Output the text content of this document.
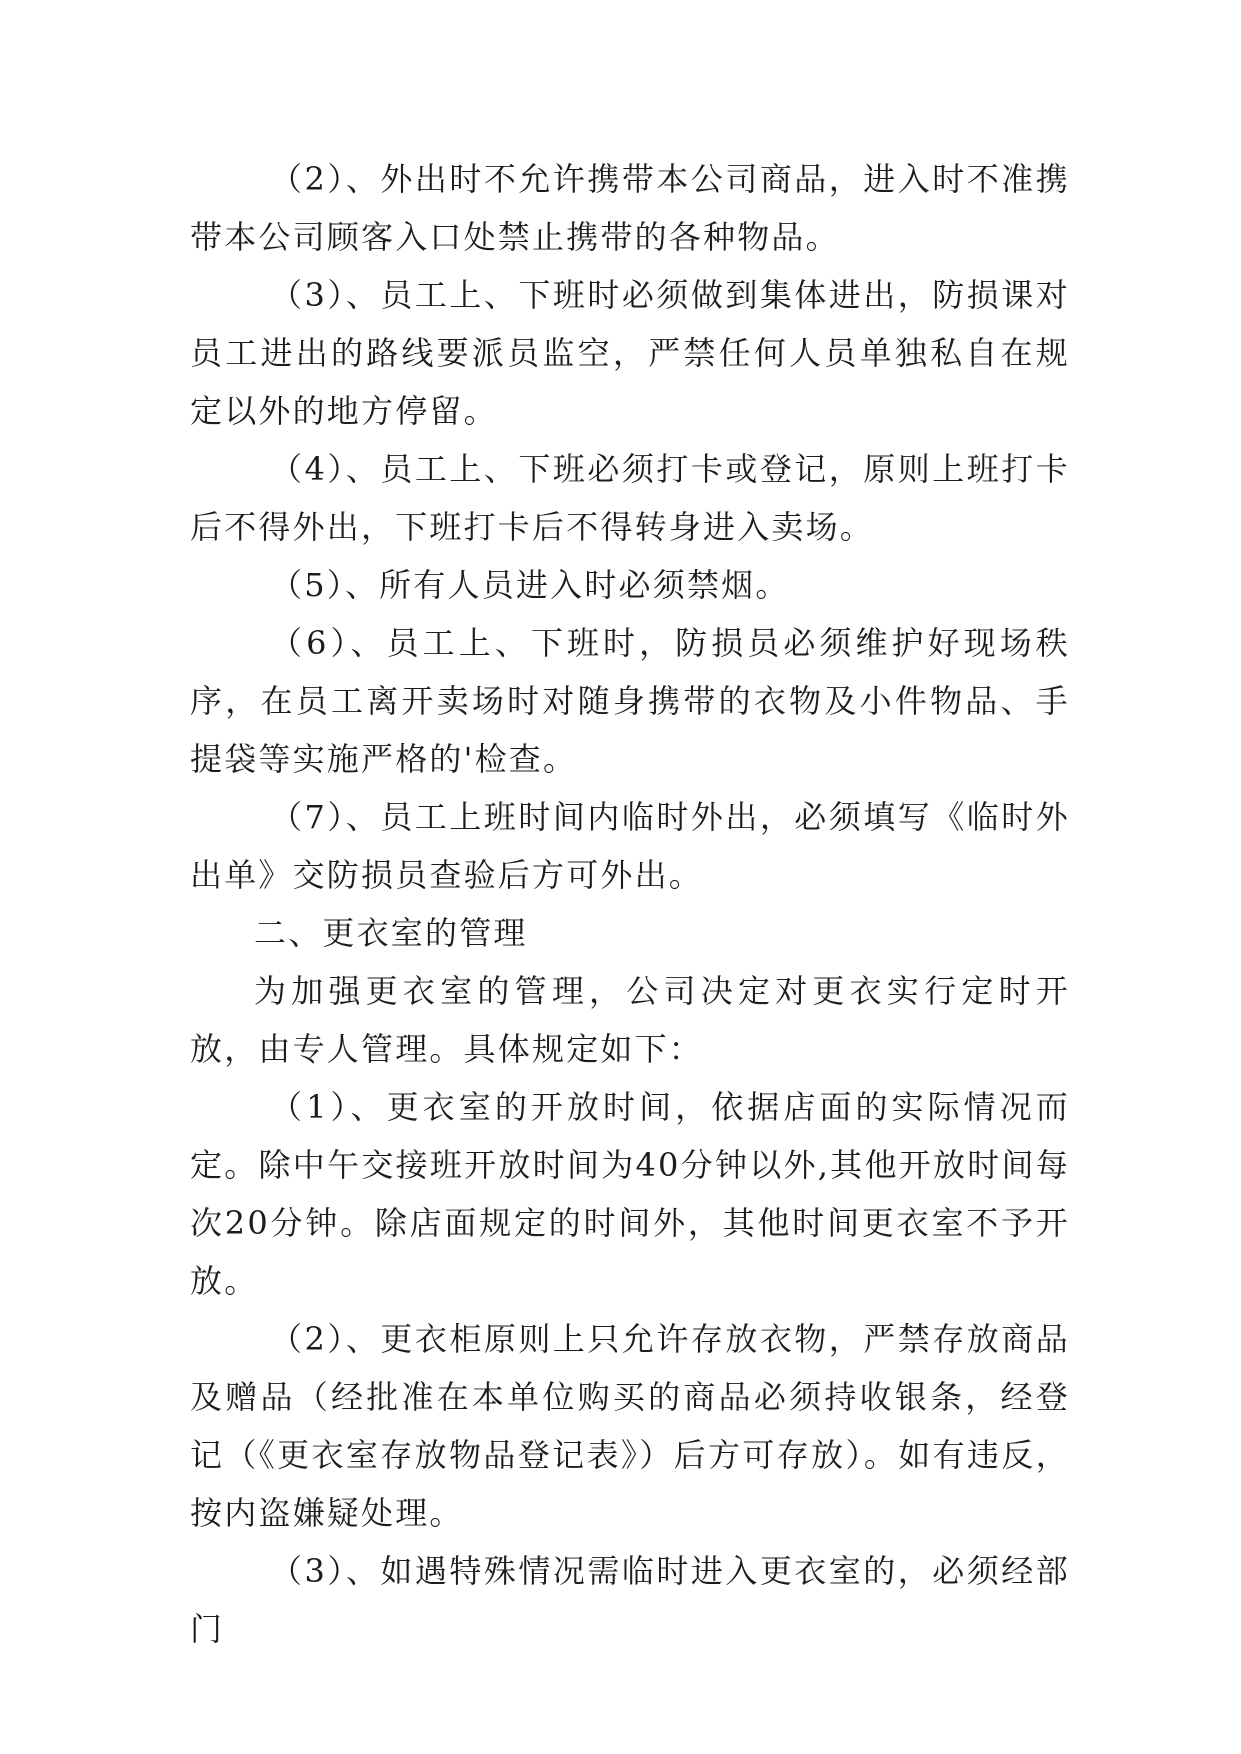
（2）、外出时不允许携带本公司商品，进入时不准携带本公司顾客入口处禁止携带的各种物品。

（3）、员工上、下班时必须做到集体进出，防损课对员工进出的路线要派员监空，严禁任何人员单独私自在规定以外的地方停留。

（4）、员工上、下班必须打卡或登记，原则上班打卡后不得外出，下班打卡后不得转身进入卖场。

（5）、所有人员进入时必须禁烟。

（6）、员工上、下班时，防损员必须维护好现场秩序，在员工离开卖场时对随身携带的衣物及小件物品、手提袋等实施严格的'检查。

（7）、员工上班时间内临时外出，必须填写《临时外出单》交防损员查验后方可外出。

二、更衣室的管理

为加强更衣室的管理，公司决定对更衣实行定时开放，由专人管理。具体规定如下：

（1）、更衣室的开放时间，依据店面的实际情况而定。除中午交接班开放时间为40分钟以外,其他开放时间每次20分钟。除店面规定的时间外，其他时间更衣室不予开放。

（2）、更衣柜原则上只允许存放衣物，严禁存放商品及赠品（经批准在本单位购买的商品必须持收银条，经登记（《更衣室存放物品登记表》）后方可存放）。如有违反，按内盗嫌疑处理。

（3）、如遇特殊情况需临时进入更衣室的，必须经部门
